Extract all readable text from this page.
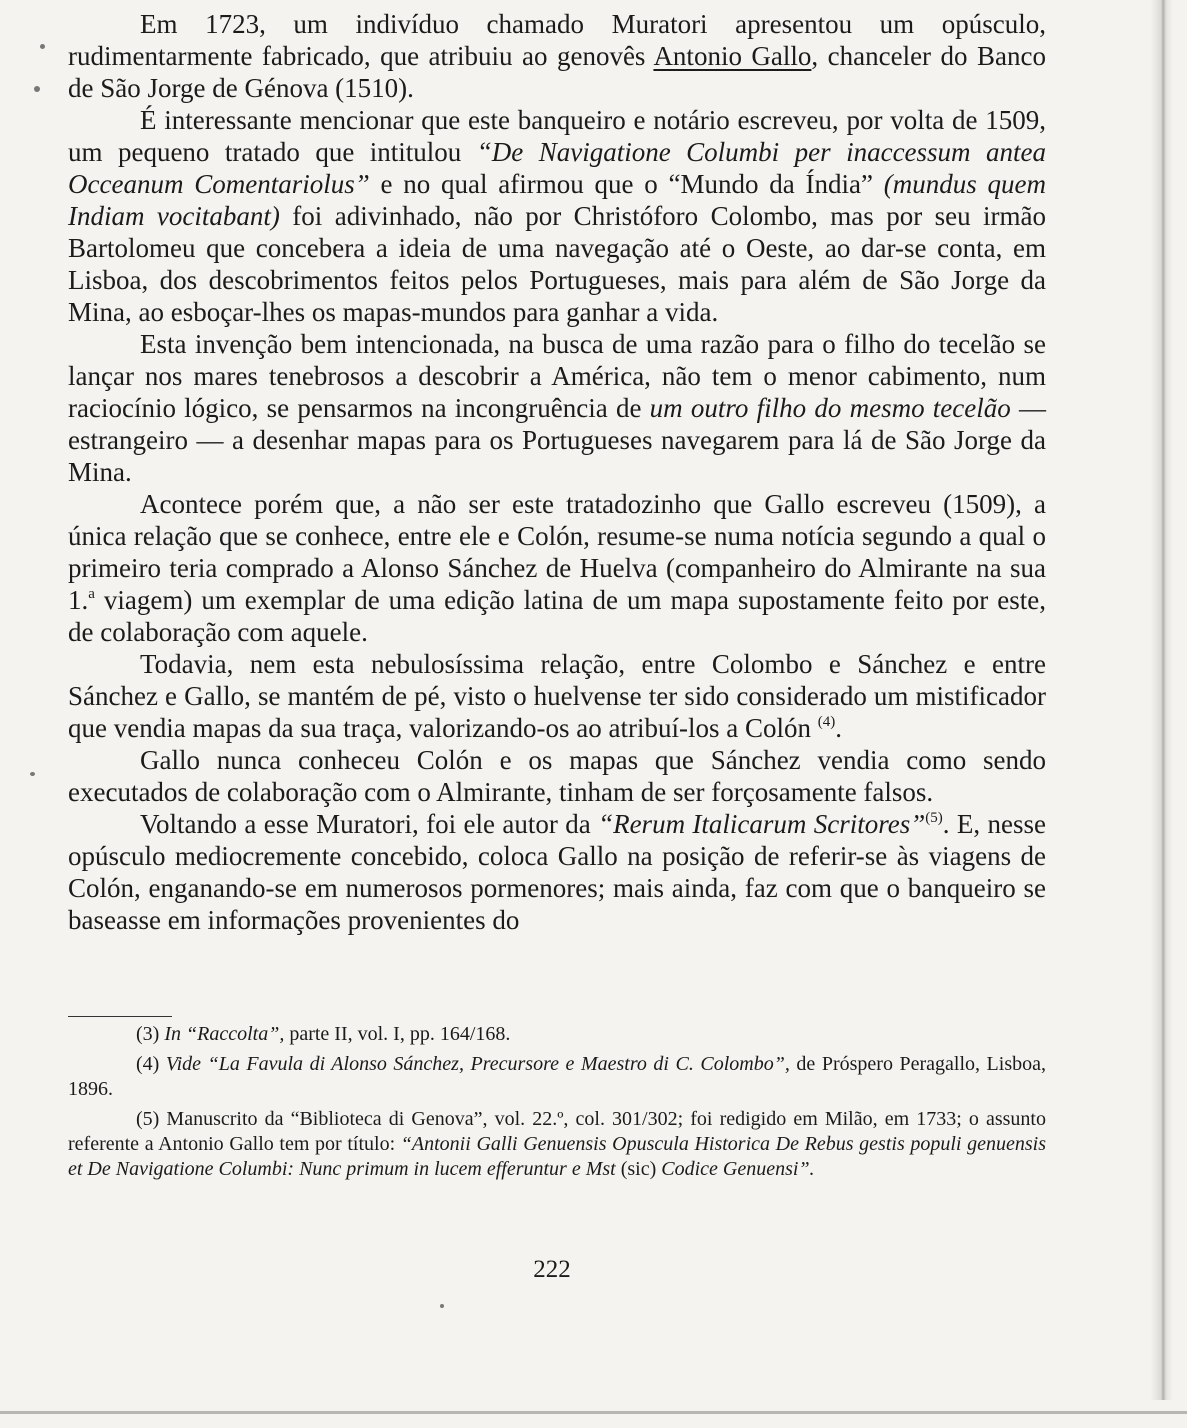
Em 1723, um indivíduo chamado Muratori apresentou um opúsculo, rudimentarmente fabricado, que atribuiu ao genovês Antonio Gallo, chanceler do Banco de São Jorge de Génova (1510).

É interessante mencionar que este banqueiro e notário escreveu, por volta de 1509, um pequeno tratado que intitulou “De Navigatione Columbi per inaccessum antea Occeanum Comentariolus” e no qual afirmou que o “Mundo da Índia” (mundus quem Indiam vocitabant) foi adivinhado, não por Christóforo Colombo, mas por seu irmão Bartolomeu que concebera a ideia de uma navegação até o Oeste, ao dar-se conta, em Lisboa, dos descobrimentos feitos pelos Portugueses, mais para além de São Jorge da Mina, ao esboçar-lhes os mapas-mundos para ganhar a vida.

Esta invenção bem intencionada, na busca de uma razão para o filho do tecelão se lançar nos mares tenebrosos a descobrir a América, não tem o menor cabimento, num raciocínio lógico, se pensarmos na incongruência de um outro filho do mesmo tecelão — estrangeiro — a desenhar mapas para os Portugueses navegarem para lá de São Jorge da Mina.

Acontece porém que, a não ser este tratadozinho que Gallo escreveu (1509), a única relação que se conhece, entre ele e Colón, resume-se numa notícia segundo a qual o primeiro teria comprado a Alonso Sánchez de Huelva (companheiro do Almirante na sua 1.$^a$ viagem) um exemplar de uma edição latina de um mapa supostamente feito por este, de colaboração com aquele.

Todavia, nem esta nebulosíssima relação, entre Colombo e Sánchez e entre Sánchez e Gallo, se mantém de pé, visto o huelvense ter sido considerado um mistificador que vendia mapas da sua traça, valorizando-os ao atribuí-los a Colón $^{(4)}$.

Gallo nunca conheceu Colón e os mapas que Sánchez vendia como sendo executados de colaboração com o Almirante, tinham de ser forçosamente falsos.

Voltando a esse Muratori, foi ele autor da “Rerum Italicarum Scritores”$^{(5)}$. E, nesse opúsculo mediocremente concebido, coloca Gallo na posição de referir-se às viagens de Colón, enganando-se em numerosos pormenores; mais ainda, faz com que o banqueiro se baseasse em informações provenientes do

(3) In “Raccolta”, parte II, vol. I, pp. 164/168.

(4) Vide “La Favula di Alonso Sánchez, Precursore e Maestro di C. Colombo”, de Próspero Peragallo, Lisboa, 1896.

(5) Manuscrito da “Biblioteca di Genova”, vol. 22.º, col. 301/302; foi redigido em Milão, em 1733; o assunto referente a Antonio Gallo tem por título: “Antonii Galli Genuensis Opuscula Historica De Rebus gestis populi genuensis et De Navigatione Columbi: Nunc primum in lucem efferuntur e Mst (sic) Codice Genuensi”.

222
